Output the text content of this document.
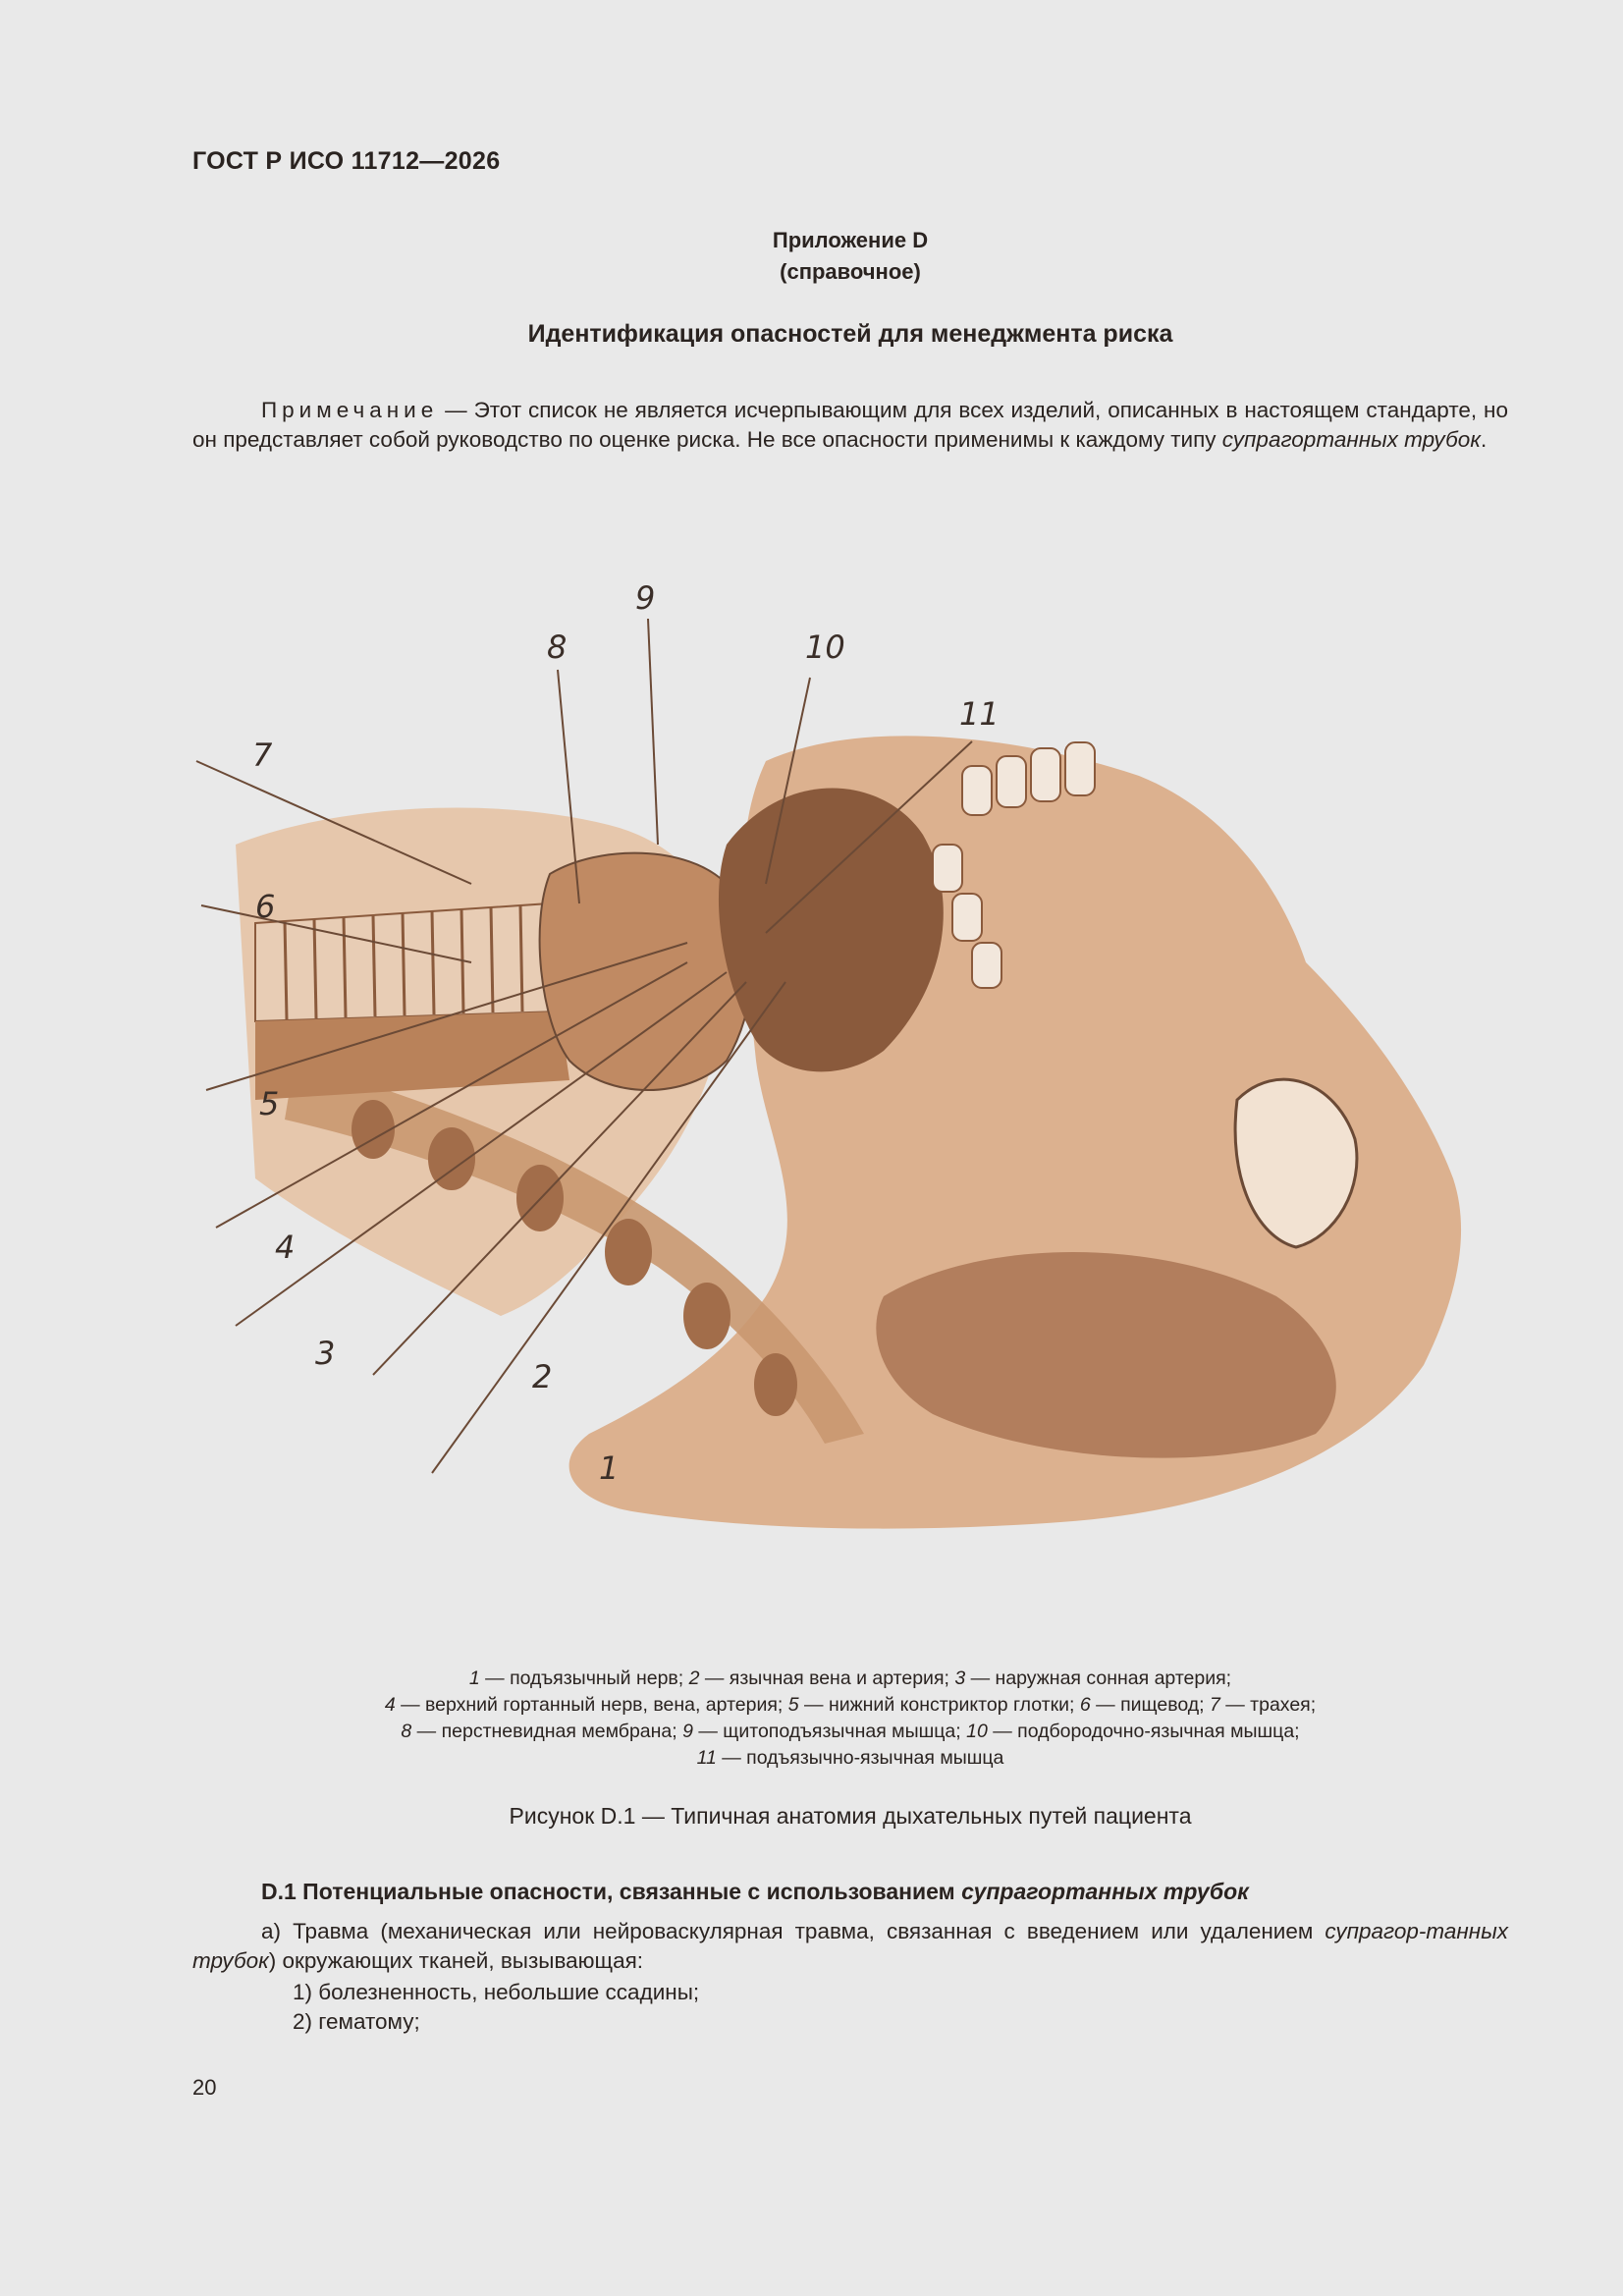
ГОСТ Р ИСО 11712—2026
Приложение D
(справочное)
Идентификация опасностей для менеджмента риска
Примечание — Этот список не является исчерпывающим для всех изделий, описанных в настоящем стандарте, но он представляет собой руководство по оценке риска. Не все опасности применимы к каждому типу супрагортанных трубок.
1
2
3
4
5
6
7
8
9
10
11
1 — подъязычный нерв; 2 — язычная вена и артерия; 3 — наружная сонная артерия;
4 — верхний гортанный нерв, вена, артерия; 5 — нижний констриктор глотки; 6 — пищевод; 7 — трахея;
8 — перстневидная мембрана; 9 — щитоподъязычная мышца; 10 — подбородочно-язычная мышца;
11 — подъязычно-язычная мышца
Рисунок D.1 — Типичная анатомия дыхательных путей пациента
D.1 Потенциальные опасности, связанные с использованием супрагортанных трубок
а) Травма (механическая или нейроваскулярная травма, связанная с введением или удалением супрагор-танных трубок) окружающих тканей, вызывающая:
1) болезненность, небольшие ссадины;
2) гематому;
20
